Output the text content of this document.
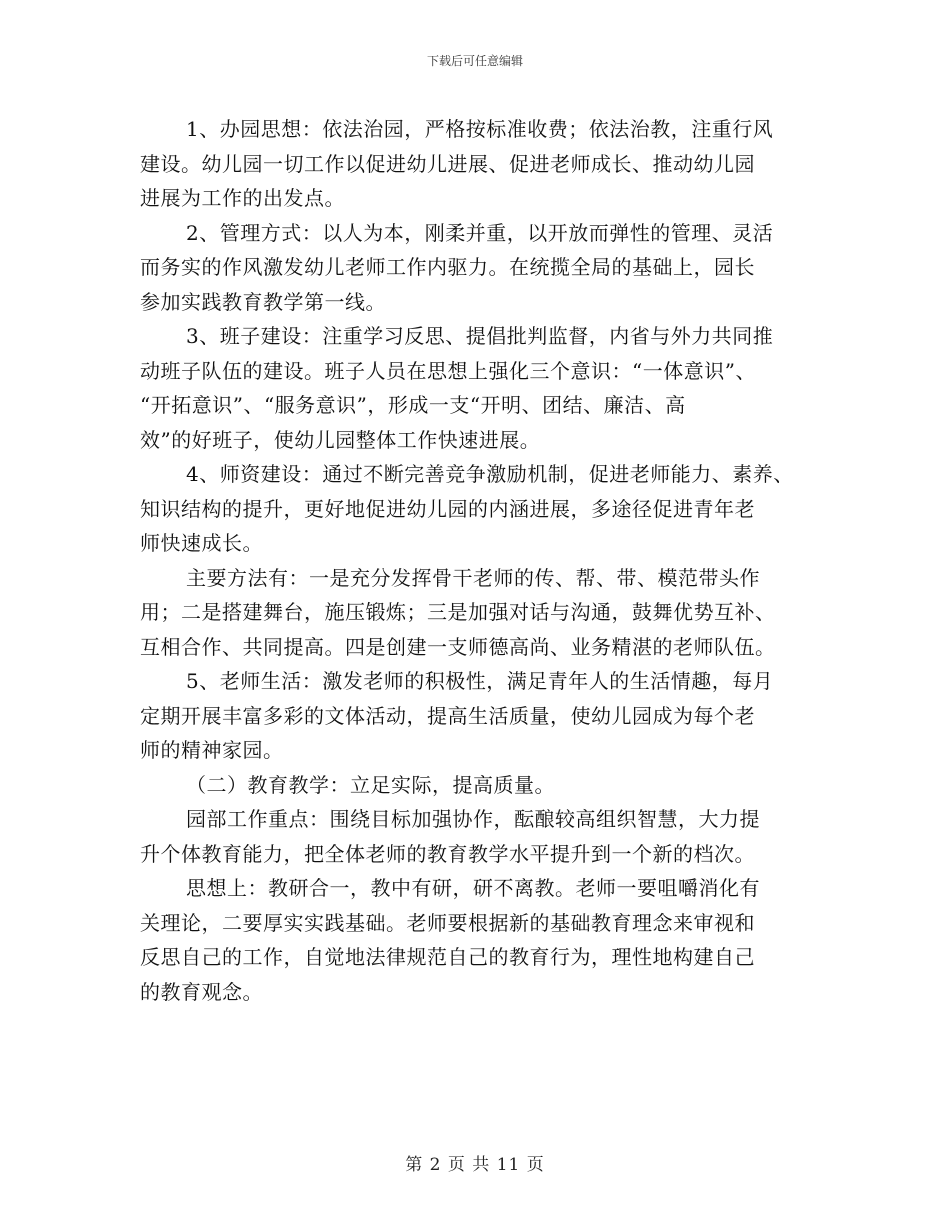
下载后可任意编辑
1、办园思想：依法治园，严格按标准收费；依法治教，注重行风
建设。幼儿园一切工作以促进幼儿进展、促进老师成长、推动幼儿园
进展为工作的出发点。
2、管理方式：以人为本，刚柔并重，以开放而弹性的管理、灵活
而务实的作风激发幼儿老师工作内驱力。在统揽全局的基础上，园长
参加实践教育教学第一线。
3、班子建设：注重学习反思、提倡批判监督，内省与外力共同推
动班子队伍的建设。班子人员在思想上强化三个意识：“一体意识”、
“开拓意识”、“服务意识”，形成一支“开明、团结、廉洁、高
效”的好班子，使幼儿园整体工作快速进展。
4、师资建设：通过不断完善竞争激励机制，促进老师能力、素养、
知识结构的提升，更好地促进幼儿园的内涵进展，多途径促进青年老
师快速成长。
主要方法有：一是充分发挥骨干老师的传、帮、带、模范带头作
用；二是搭建舞台，施压锻炼；三是加强对话与沟通，鼓舞优势互补、
互相合作、共同提高。四是创建一支师德高尚、业务精湛的老师队伍。
5、老师生活：激发老师的积极性，满足青年人的生活情趣，每月
定期开展丰富多彩的文体活动，提高生活质量，使幼儿园成为每个老
师的精神家园。
（二）教育教学：立足实际，提高质量。
园部工作重点：围绕目标加强协作，酝酿较高组织智慧，大力提
升个体教育能力，把全体老师的教育教学水平提升到一个新的档次。
思想上：教研合一，教中有研，研不离教。老师一要咀嚼消化有
关理论，二要厚实实践基础。老师要根据新的基础教育理念来审视和
反思自己的工作，自觉地法律规范自己的教育行为，理性地构建自己
的教育观念。
第 2 页 共 11 页
